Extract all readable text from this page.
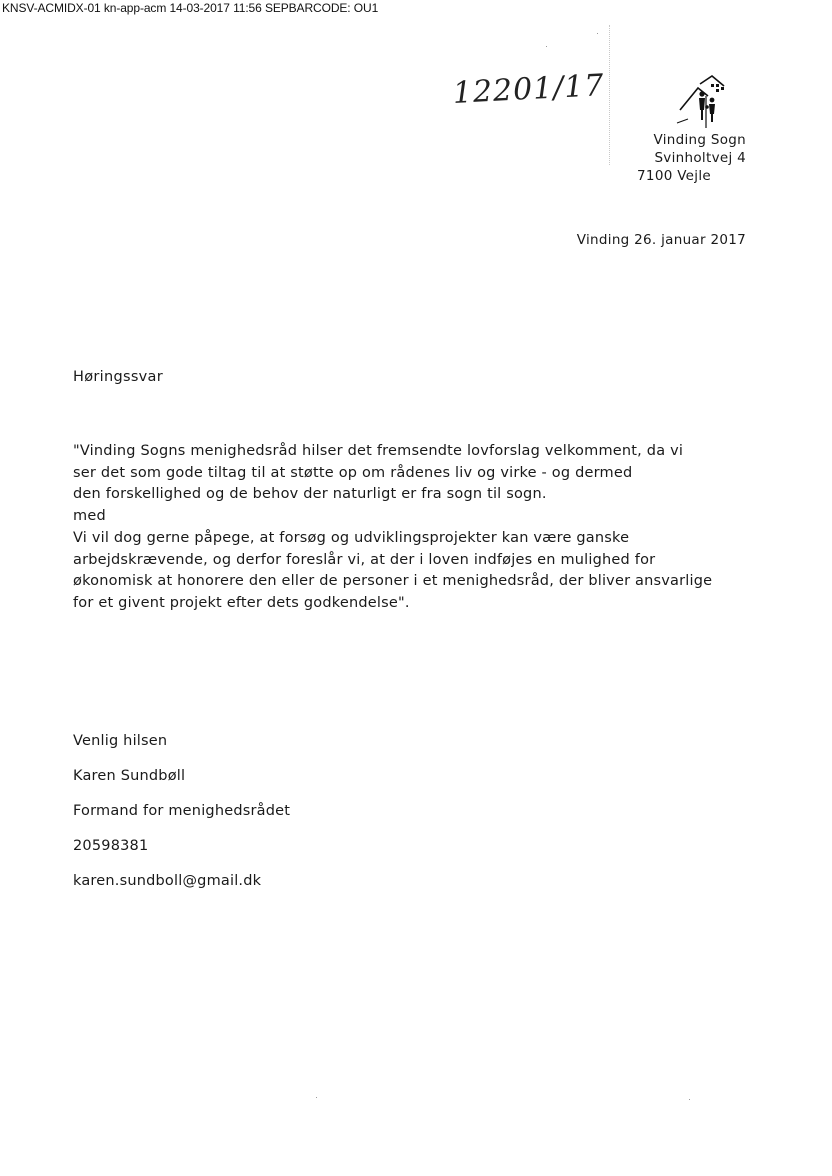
KNSV-ACMIDX-01 kn-app-acm 14-03-2017 11:56 SEPBARCODE: OU1
12201/17
Vinding Sogn
Svinholtvej 4
7100 Vejle
Vinding 26. januar 2017
Høringssvar
"Vinding Sogns menighedsråd hilser det fremsendte lovforslag velkomment, da vi
ser det som gode tiltag til at støtte op om rådenes liv og virke - og dermed
den forskellighed og de behov der naturligt er fra sogn til sogn.
med
Vi vil dog gerne påpege, at forsøg og udviklingsprojekter kan være ganske
arbejdskrævende, og derfor foreslår vi, at der i loven indføjes en mulighed for
økonomisk at honorere den eller de personer i et menighedsråd, der bliver ansvarlige
for et givent projekt efter dets godkendelse".
Venlig hilsen
Karen Sundbøll
Formand for menighedsrådet
20598381
karen.sundboll@gmail.dk
